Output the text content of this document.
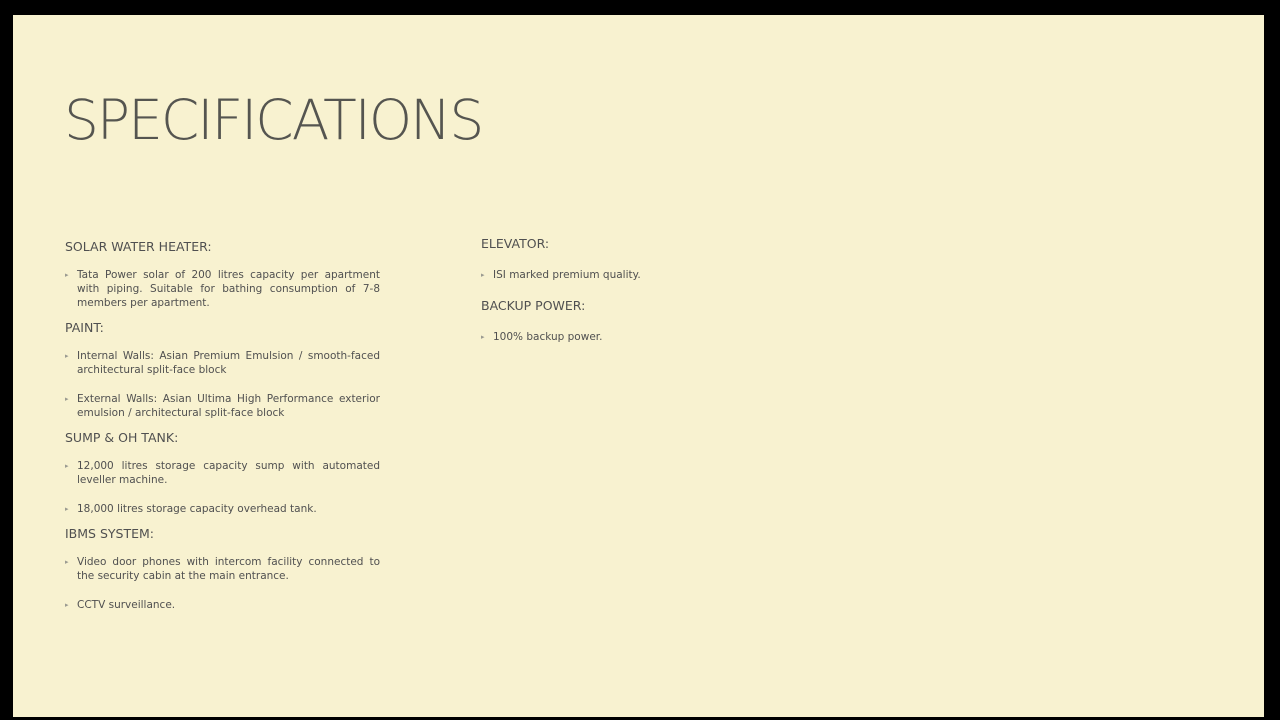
SPECIFICATIONS

SOLAR WATER HEATER:

▸ Tata Power solar of 200 litres capacity per apartment with piping. Suitable for bathing consumption of 7-8 members per apartment.

PAINT:

▸ Internal Walls: Asian Premium Emulsion / smooth-faced architectural split-face block
▸ External Walls: Asian Ultima High Performance exterior emulsion / architectural split-face block

SUMP & OH TANK:

▸ 12,000 litres storage capacity sump with automated leveller machine.
▸ 18,000 litres storage capacity overhead tank.

IBMS SYSTEM:

▸ Video door phones with intercom facility connected to the security cabin at the main entrance.
▸ CCTV surveillance.

ELEVATOR:

▸ ISI marked premium quality.

BACKUP POWER:

▸ 100% backup power.
